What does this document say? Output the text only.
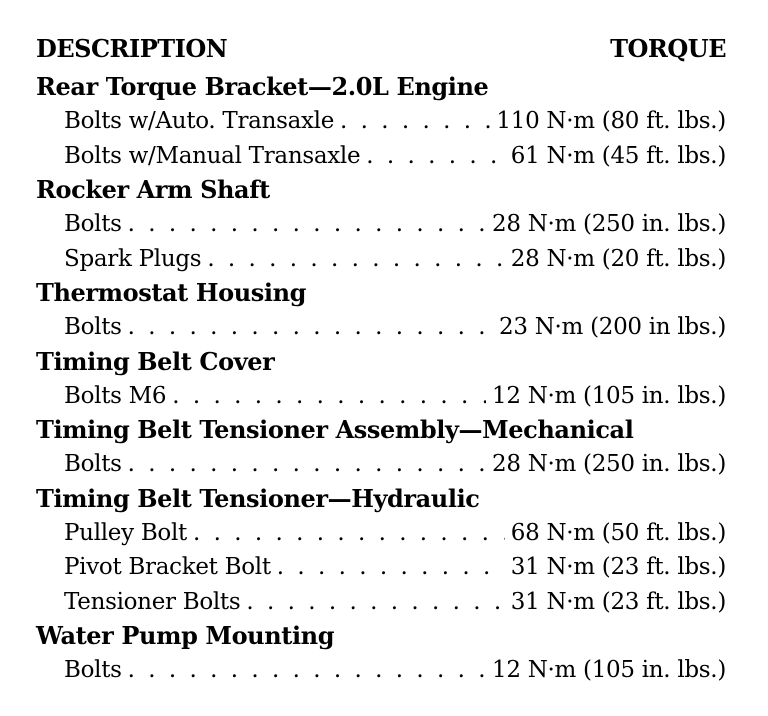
DESCRIPTION	TORQUE
Rear Torque Bracket—2.0L Engine
Bolts w/Auto. Transaxle . . .	110 N·m (80 ft. lbs.)
Bolts w/Manual Transaxle . . .	61 N·m (45 ft. lbs.)
Rocker Arm Shaft
Bolts . . .	28 N·m (250 in. lbs.)
Spark Plugs . . .	28 N·m (20 ft. lbs.)
Thermostat Housing
Bolts . . .	23 N·m (200 in lbs.)
Timing Belt Cover
Bolts M6 . . .	12 N·m (105 in. lbs.)
Timing Belt Tensioner Assembly—Mechanical
Bolts . . .	28 N·m (250 in. lbs.)
Timing Belt Tensioner—Hydraulic
Pulley Bolt . . .	68 N·m (50 ft. lbs.)
Pivot Bracket Bolt . . .	31 N·m (23 ft. lbs.)
Tensioner Bolts . . .	31 N·m (23 ft. lbs.)
Water Pump Mounting
Bolts . . .	12 N·m (105 in. lbs.)
